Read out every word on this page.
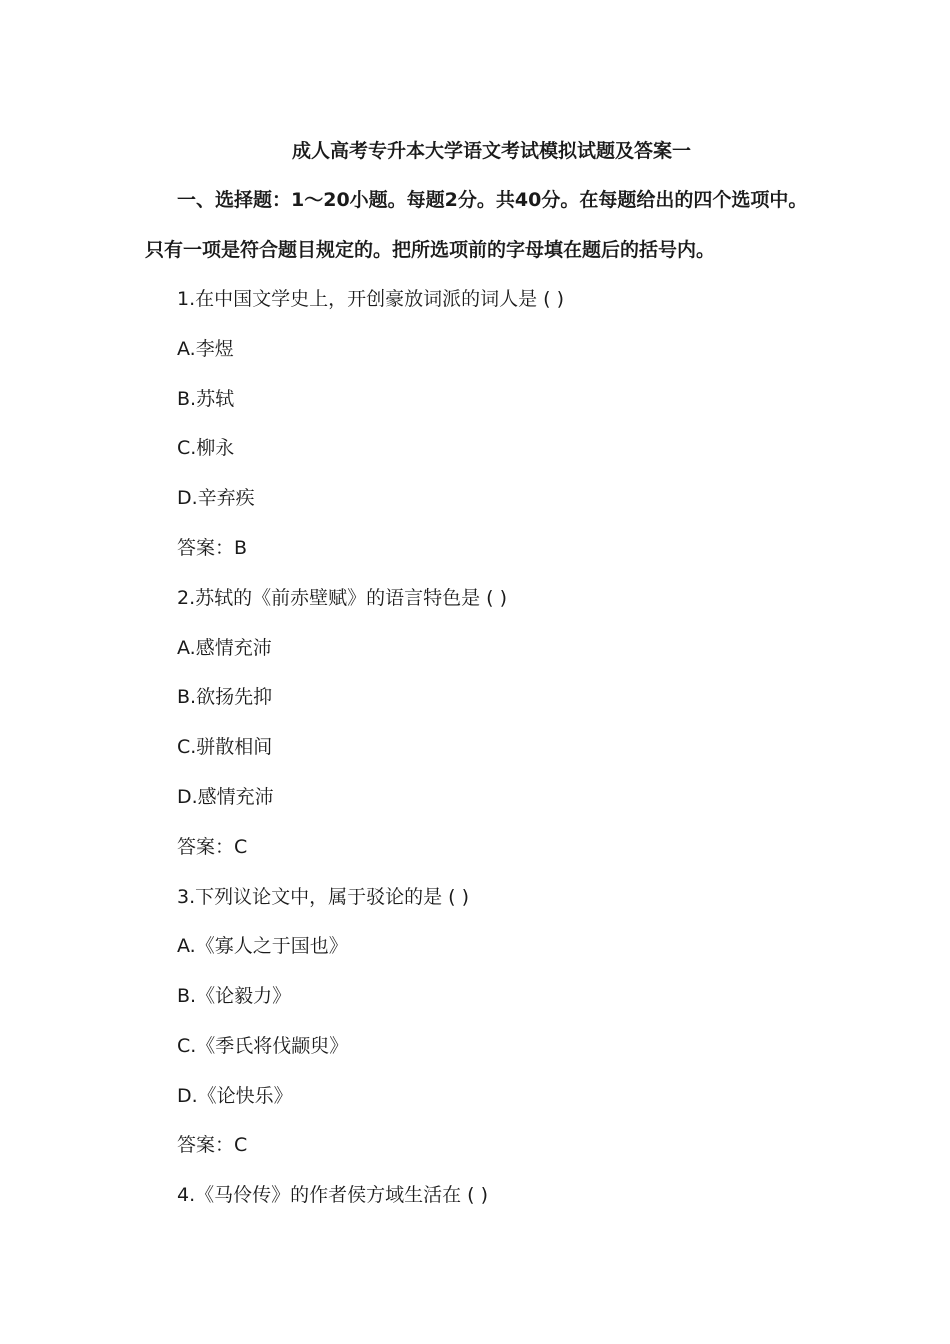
成人高考专升本大学语文考试模拟试题及答案一
一、选择题：1～20小题。每题2分。共40分。在每题给出的四个选项中。
只有一项是符合题目规定的。把所选项前的字母填在题后的括号内。
1.在中国文学史上，开创豪放词派的词人是 ( )
A.李煜
B.苏轼
C.柳永
D.辛弃疾
答案：B
2.苏轼的《前赤壁赋》的语言特色是 ( )
A.感情充沛
B.欲扬先抑
C.骈散相间
D.感情充沛
答案：C
3.下列议论文中，属于驳论的是 ( )
A.《寡人之于国也》
B.《论毅力》
C.《季氏将伐颛臾》
D.《论快乐》
答案：C
4.《马伶传》的作者侯方域生活在 ( )
